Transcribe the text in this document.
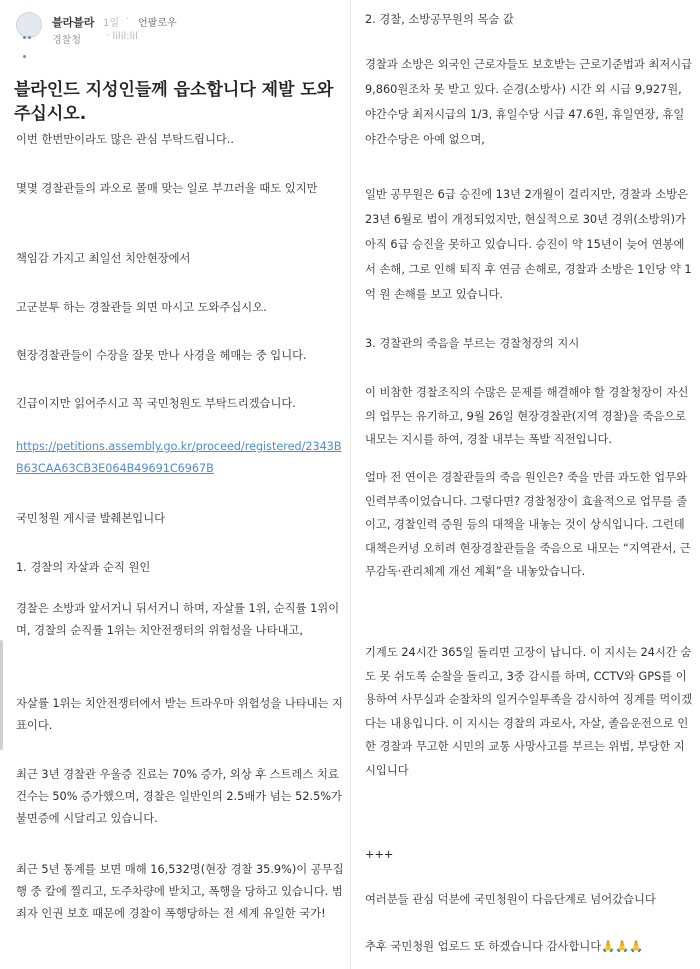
블라블라 1일 · 언팔로우
경찰청	· lilil:lil
블라인드 지성인들께 읍소합니다 제발 도와주십시오.
이번 한번만이라도 많은 관심 부탁드립니다..
몇몇 경찰관들의 과오로 몰매 맞는 일로 부끄러울 때도 있지만
책임감 가지고 최일선 치안현장에서
고군분투 하는 경찰관들 외면 마시고 도와주십시오.
현장경찰관들이 수장을 잘못 만나 사경을 헤매는 중 입니다.
긴급이지만 읽어주시고 꼭 국민청원도 부탁드리겠습니다.
https://petitions.assembly.go.kr/proceed/registered/2343BB63CAA63CB3E064B49691C6967B
국민청원 게시글 발췌본입니다
1. 경찰의 자살과 순직 원인
경찰은 소방과 앞서거니 뒤서거니 하며, 자살률 1위, 순직률 1위이며, 경찰의 순직률 1위는 치안전쟁터의 위험성을 나타내고,
자살률 1위는 치안전쟁터에서 받는 트라우마 위험성을 나타내는 지표이다.
최근 3년 경찰관 우울증 진료는 70% 증가, 외상 후 스트레스 치료 건수는 50% 증가했으며, 경찰은 일반인의 2.5배가 넘는 52.5%가 불면증에 시달리고 있습니다.
최근 5년 통계를 보면 매해 16,532명(현장 경찰 35.9%)이 공무집행 중 칼에 찔리고, 도주차량에 받치고, 폭행을 당하고 있습니다. 범죄자 인권 보호 때문에 경찰이 폭행당하는 전 세계 유일한 국가!
2. 경찰, 소방공무원의 목숨 값
경찰과 소방은 외국인 근로자들도 보호받는 근로기준법과 최저시급 9,860원조차 못 받고 있다. 순경(소방사) 시간 외 시급 9,927원, 야간수당 최저시급의 1/3, 휴일수당 시급 47.6원, 휴일연장, 휴일 야간수당은 아예 없으며,
일반 공무원은 6급 승진에 13년 2개월이 걸리지만, 경찰과 소방은 23년 6월로 법이 개정되었지만, 현실적으로 30년 경위(소방위)가 아직 6급 승진을 못하고 있습니다. 승진이 약 15년이 늦어 연봉에서 손해, 그로 인해 퇴직 후 연금 손해로, 경찰과 소방은 1인당 약 1억 원 손해를 보고 있습니다.
3. 경찰관의 죽음을 부르는 경찰청장의 지시
이 비참한 경찰조직의 수많은 문제를 해결해야 할 경찰청장이 자신의 업무는 유기하고, 9월 26일 현장경찰관(지역 경찰)을 죽음으로 내모는 지시를 하여, 경찰 내부는 폭발 직전입니다.
얼마 전 연이은 경찰관들의 죽음 원인은? 죽을 만큼 과도한 업무와 인력부족이었습니다. 그렇다면? 경찰청장이 효율적으로 업무를 줄이고, 경찰인력 증원 등의 대책을 내놓는 것이 상식입니다. 그런데 대책은커녕 오히려 현장경찰관들을 죽음으로 내모는 “지역관서, 근무감독·관리체계 개선 계획”을 내놓았습니다.
기계도 24시간 365일 돌리면 고장이 납니다. 이 지시는 24시간 숨도 못 쉬도록 순찰을 돌리고, 3중 감시를 하며, CCTV와 GPS를 이용하여 사무실과 순찰차의 일거수일투족을 감시하여 징계를 먹이겠다는 내용입니다. 이 지시는 경찰의 과로사, 자살, 졸음운전으로 인한 경찰과 무고한 시민의 교통 사망사고를 부르는 위법, 부당한 지시입니다
+++
여러분들 관심 덕분에 국민청원이 다음단계로 넘어갔습니다
추후 국민청원 업로드 또 하겠습니다 감사합니다🙏🙏🙏
